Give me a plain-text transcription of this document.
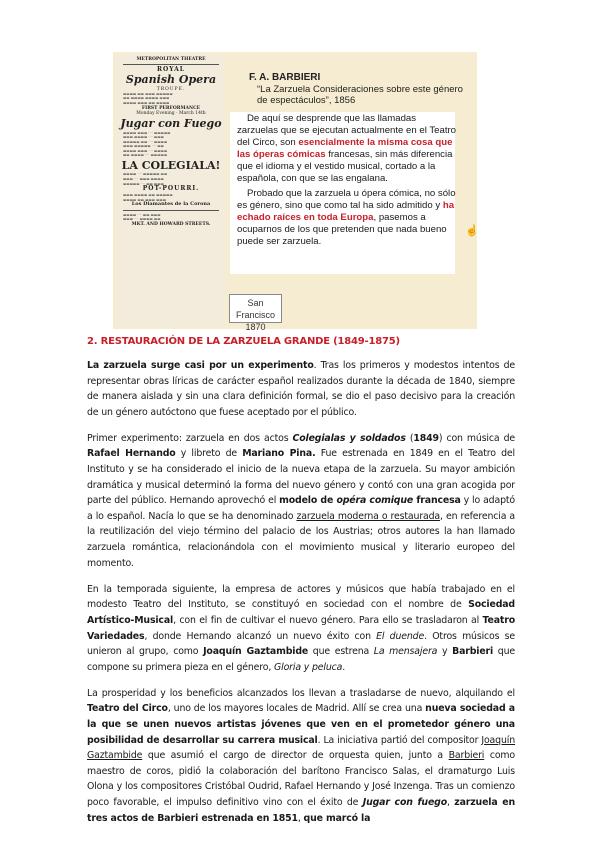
METROPOLITAN THEATRE
ROYAL
Spanish Opera
TROUPE.
▬▬▬▬ ▬▬ ▬▬▬ ▬▬▬▬▬
▬▬ ▬▬▬▬ ▬▬▬▬ ▬▬▬
▬▬▬▬ ▬▬▬ ▬▬ ▬▬▬▬
FIRST PERFORMANCE
Monday Evening · March 14th
Jugar con Fuego
▬▬▬▬ ▬▬▬ ···· ▬▬▬▬▬
▬▬▬ ▬▬▬▬ ···· ▬▬▬
▬▬▬▬▬ ▬▬ ···· ▬▬▬▬
▬▬▬ ▬▬▬▬▬ ···· ▬▬
▬▬▬▬ ▬▬▬ ···· ▬▬▬▬
▬▬ ▬▬▬▬ ···· ▬▬▬▬▬
LA COLEGIALA!
▬▬▬▬ ···· ▬▬▬▬▬ ▬▬
▬▬▬ ···· ▬▬▬ ▬▬▬▬
▬▬▬▬▬ ···· ▬▬ ▬▬▬
POT-POURRI.
▬▬▬ ▬▬▬▬ ▬▬ ▬▬▬▬▬
▬▬▬▬ ▬▬ ▬▬▬ ▬▬▬
Los Diamantes de la Corona
▬▬▬▬ ···· ▬▬ ▬▬▬
▬▬▬ ···· ▬▬▬▬ ▬▬
MKT. AND HOWARD STREETS.
F. A. BARBIERI
“La Zarzuela Consideraciones sobre este género de espectáculos”, 1856

De aquí se desprende que las llamadas zarzuelas que se ejecutan actualmente en el Teatro del Circo, son esencialmente la misma cosa que las óperas cómicas francesas, sin más diferencia que el idioma y el vestido musical, cortado a la española, con que se las engalana.

Probado que la zarzuela u ópera cómica, no sólo es género, sino que como tal ha sido admitido y ha echado raíces en toda Europa, pasemos a ocuparnos de los que pretenden que nada bueno puede ser zarzuela.

☝
San Francisco
1870
2. RESTAURACIÓN DE LA ZARZUELA GRANDE (1849-1875)

La zarzuela surge casi por un experimento. Tras los primeros y modestos intentos de representar obras líricas de carácter español realizados durante la década de 1840, siempre de manera aislada y sin una clara definición formal, se dio el paso decisivo para la creación de un género autóctono que fuese aceptado por el público.

Primer experimento: zarzuela en dos actos Colegialas y soldados (1849) con música de Rafael Hernando y libreto de Mariano Pina. Fue estrenada en 1849 en el Teatro del Instituto y se ha considerado el inicio de la nueva etapa de la zarzuela. Su mayor ambición dramática y musical determinó la forma del nuevo género y contó con una gran acogida por parte del público. Hernando aprovechó el modelo de opéra comique francesa y lo adaptó a lo español. Nacía lo que se ha denominado zarzuela moderna o restaurada, en referencia a la reutilización del viejo término del palacio de los Austrias; otros autores la han llamado zarzuela romántica, relacionándola con el movimiento musical y literario europeo del momento.

En la temporada siguiente, la empresa de actores y músicos que había trabajado en el modesto Teatro del Instituto, se constituyó en sociedad con el nombre de Sociedad Artístico-Musical, con el fin de cultivar el nuevo género. Para ello se trasladaron al Teatro Variedades, donde Hernando alcanzó un nuevo éxito con El duende. Otros músicos se unieron al grupo, como Joaquín Gaztambide que estrena La mensajera y Barbieri que compone su primera pieza en el género, Gloria y peluca.

La prosperidad y los beneficios alcanzados los llevan a trasladarse de nuevo, alquilando el Teatro del Circo, uno de los mayores locales de Madrid. Allí se crea una nueva sociedad a la que se unen nuevos artistas jóvenes que ven en el prometedor género una posibilidad de desarrollar su carrera musical. La iniciativa partió del compositor Joaquín Gaztambide que asumió el cargo de director de orquesta quien, junto a Barbieri como maestro de coros, pidió la colaboración del barítono Francisco Salas, el dramaturgo Luis Olona y los compositores Cristóbal Oudrid, Rafael Hernando y José Inzenga. Tras un comienzo poco favorable, el impulso definitivo vino con el éxito de Jugar con fuego, zarzuela en tres actos de Barbieri estrenada en 1851, que marcó la
